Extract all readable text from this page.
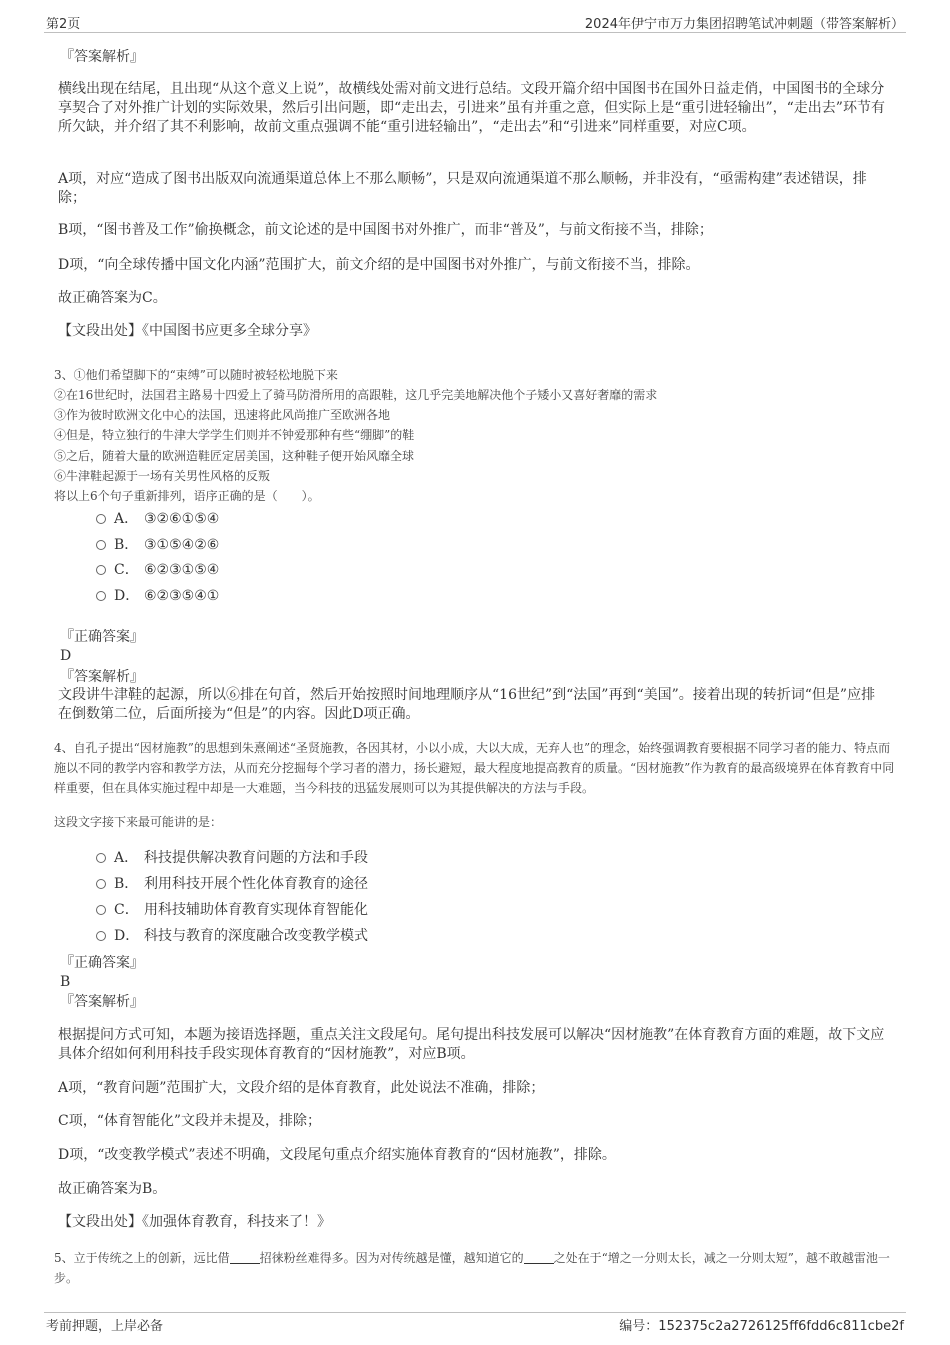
第2页	2024年伊宁市万力集团招聘笔试冲刺题（带答案解析）
『答案解析』

横线出现在结尾，且出现“从这个意义上说”，故横线处需对前文进行总结。文段开篇介绍中国图书在国外日益走俏，中国图书的全球分享契合了对外推广计划的实际效果，然后引出问题，即“走出去，引进来”虽有并重之意，但实际上是“重引进轻输出”，“走出去”环节有所欠缺，并介绍了其不利影响，故前文重点强调不能“重引进轻输出”，“走出去”和“引进来”同样重要，对应C项。

A项，对应“造成了图书出版双向流通渠道总体上不那么顺畅”，只是双向流通渠道不那么顺畅，并非没有，“亟需构建”表述错误，排除；

B项，“图书普及工作”偷换概念，前文论述的是中国图书对外推广，而非“普及”，与前文衔接不当，排除；

D项，“向全球传播中国文化内涵”范围扩大，前文介绍的是中国图书对外推广，与前文衔接不当，排除。

故正确答案为C。

【文段出处】《中国图书应更多全球分享》

3、①他们希望脚下的“束缚”可以随时被轻松地脱下来

②在16世纪时，法国君主路易十四爱上了骑马防滑所用的高跟鞋，这几乎完美地解决他个子矮小又喜好奢靡的需求

③作为彼时欧洲文化中心的法国，迅速将此风尚推广至欧洲各地

④但是，特立独行的牛津大学学生们则并不钟爱那种有些“绷脚”的鞋

⑤之后，随着大量的欧洲造鞋匠定居美国，这种鞋子便开始风靡全球

⑥牛津鞋起源于一场有关男性风格的反叛

将以上6个句子重新排列，语序正确的是（　　）。

A． ③②⑥①⑤④
B． ③①⑤④②⑥
C． ⑥②③①⑤④
D． ⑥②③⑤④①
『正确答案』
D
『答案解析』

文段讲牛津鞋的起源，所以⑥排在句首，然后开始按照时间地理顺序从“16世纪”到“法国”再到“美国”。接着出现的转折词“但是”应排在倒数第二位，后面所接为“但是”的内容。因此D项正确。

4、自孔子提出“因材施教”的思想到朱熹阐述“圣贤施教，各因其材，小以小成，大以大成，无弃人也”的理念，始终强调教育要根据不同学习者的能力、特点而施以不同的教学内容和教学方法，从而充分挖掘每个学习者的潜力，扬长避短，最大程度地提高教育的质量。“因材施教”作为教育的最高级境界在体育教育中同样重要，但在具体实施过程中却是一大难题，当今科技的迅猛发展则可以为其提供解决的方法与手段。

这段文字接下来最可能讲的是：

A． 科技提供解决教育问题的方法和手段
B． 利用科技开展个性化体育教育的途径
C． 用科技辅助体育教育实现体育智能化
D． 科技与教育的深度融合改变教学模式
『正确答案』
B
『答案解析』

根据提问方式可知，本题为接语选择题，重点关注文段尾句。尾句提出科技发展可以解决“因材施教”在体育教育方面的难题，故下文应具体介绍如何利用科技手段实现体育教育的“因材施教”，对应B项。

A项，“教育问题”范围扩大，文段介绍的是体育教育，此处说法不准确，排除；

C项，“体育智能化”文段并未提及，排除；

D项，“改变教学模式”表述不明确，文段尾句重点介绍实施体育教育的“因材施教”，排除。

故正确答案为B。

【文段出处】《加强体育教育，科技来了！》

5、立于传统之上的创新，远比借	招徕粉丝难得多。因为对传统越是懂，越知道它的	之处在于“增之一分则太长，减之一分则太短”，越不敢越雷池一步。

考前押题，上岸必备	编号：152375c2a2726125ff6fdd6c811cbe2f
